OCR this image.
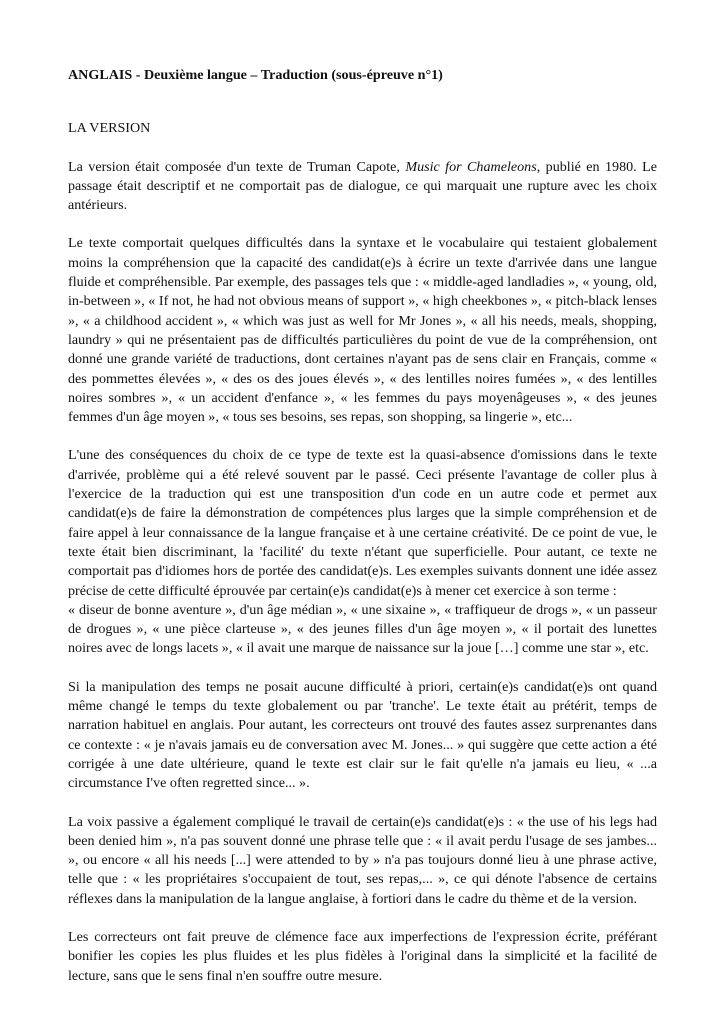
ANGLAIS - Deuxième langue – Traduction (sous-épreuve n°1)
LA VERSION

La version était composée d'un texte de Truman Capote, Music for Chameleons, publié en 1980. Le passage était descriptif et ne comportait pas de dialogue, ce qui marquait une rupture avec les choix antérieurs.

Le texte comportait quelques difficultés dans la syntaxe et le vocabulaire qui testaient globalement moins la compréhension que la capacité des candidat(e)s à écrire un texte d'arrivée dans une langue fluide et compréhensible. Par exemple, des passages tels que : « middle-aged landladies », « young, old, in-between », « If not, he had not obvious means of support », « high cheekbones », « pitch-black lenses », « a childhood accident », « which was just as well for Mr Jones », « all his needs, meals, shopping, laundry » qui ne présentaient pas de difficultés particulières du point de vue de la compréhension, ont donné une grande variété de traductions, dont certaines n'ayant pas de sens clair en Français, comme « des pommettes élevées », « des os des joues élevés », « des lentilles noires fumées », « des lentilles noires sombres », « un accident d'enfance », « les femmes du pays moyenâgeuses », « des jeunes femmes d'un âge moyen », « tous ses besoins, ses repas, son shopping, sa lingerie », etc...

L'une des conséquences du choix de ce type de texte est la quasi-absence d'omissions dans le texte d'arrivée, problème qui a été relevé souvent par le passé. Ceci présente l'avantage de coller plus à l'exercice de la traduction qui est une transposition d'un code en un autre code et permet aux candidat(e)s de faire la démonstration de compétences plus larges que la simple compréhension et de faire appel à leur connaissance de la langue française et à une certaine créativité. De ce point de vue, le texte était bien discriminant, la 'facilité' du texte n'étant que superficielle. Pour autant, ce texte ne comportait pas d'idiomes hors de portée des candidat(e)s. Les exemples suivants donnent une idée assez précise de cette difficulté éprouvée par certain(e)s candidat(e)s à mener cet exercice à son terme :

« diseur de bonne aventure », d'un âge médian », « une sixaine », « traffiqueur de drogs », « un passeur de drogues », « une pièce clarteuse », « des jeunes filles d'un âge moyen », « il portait des lunettes noires avec de longs lacets », « il avait une marque de naissance sur la joue […] comme une star », etc.

Si la manipulation des temps ne posait aucune difficulté à priori, certain(e)s candidat(e)s ont quand même changé le temps du texte globalement ou par 'tranche'. Le texte était au prétérit, temps de narration habituel en anglais. Pour autant, les correcteurs ont trouvé des fautes assez surprenantes dans ce contexte : « je n'avais jamais eu de conversation avec M. Jones... » qui suggère que cette action a été corrigée à une date ultérieure, quand le texte est clair sur le fait qu'elle n'a jamais eu lieu, « ...a circumstance I've often regretted since... ».

La voix passive a également compliqué le travail de certain(e)s candidat(e)s : « the use of his legs had been denied him », n'a pas souvent donné une phrase telle que : « il avait perdu l'usage de ses jambes... », ou encore « all his needs [...] were attended to by » n'a pas toujours donné lieu à une phrase active, telle que : « les propriétaires s'occupaient de tout, ses repas,... », ce qui dénote l'absence de certains réflexes dans la manipulation de la langue anglaise, à fortiori dans le cadre du thème et de la version.

Les correcteurs ont fait preuve de clémence face aux imperfections de l'expression écrite, préférant bonifier les copies les plus fluides et les plus fidèles à l'original dans la simplicité et la facilité de lecture, sans que le sens final n'en souffre outre mesure.
